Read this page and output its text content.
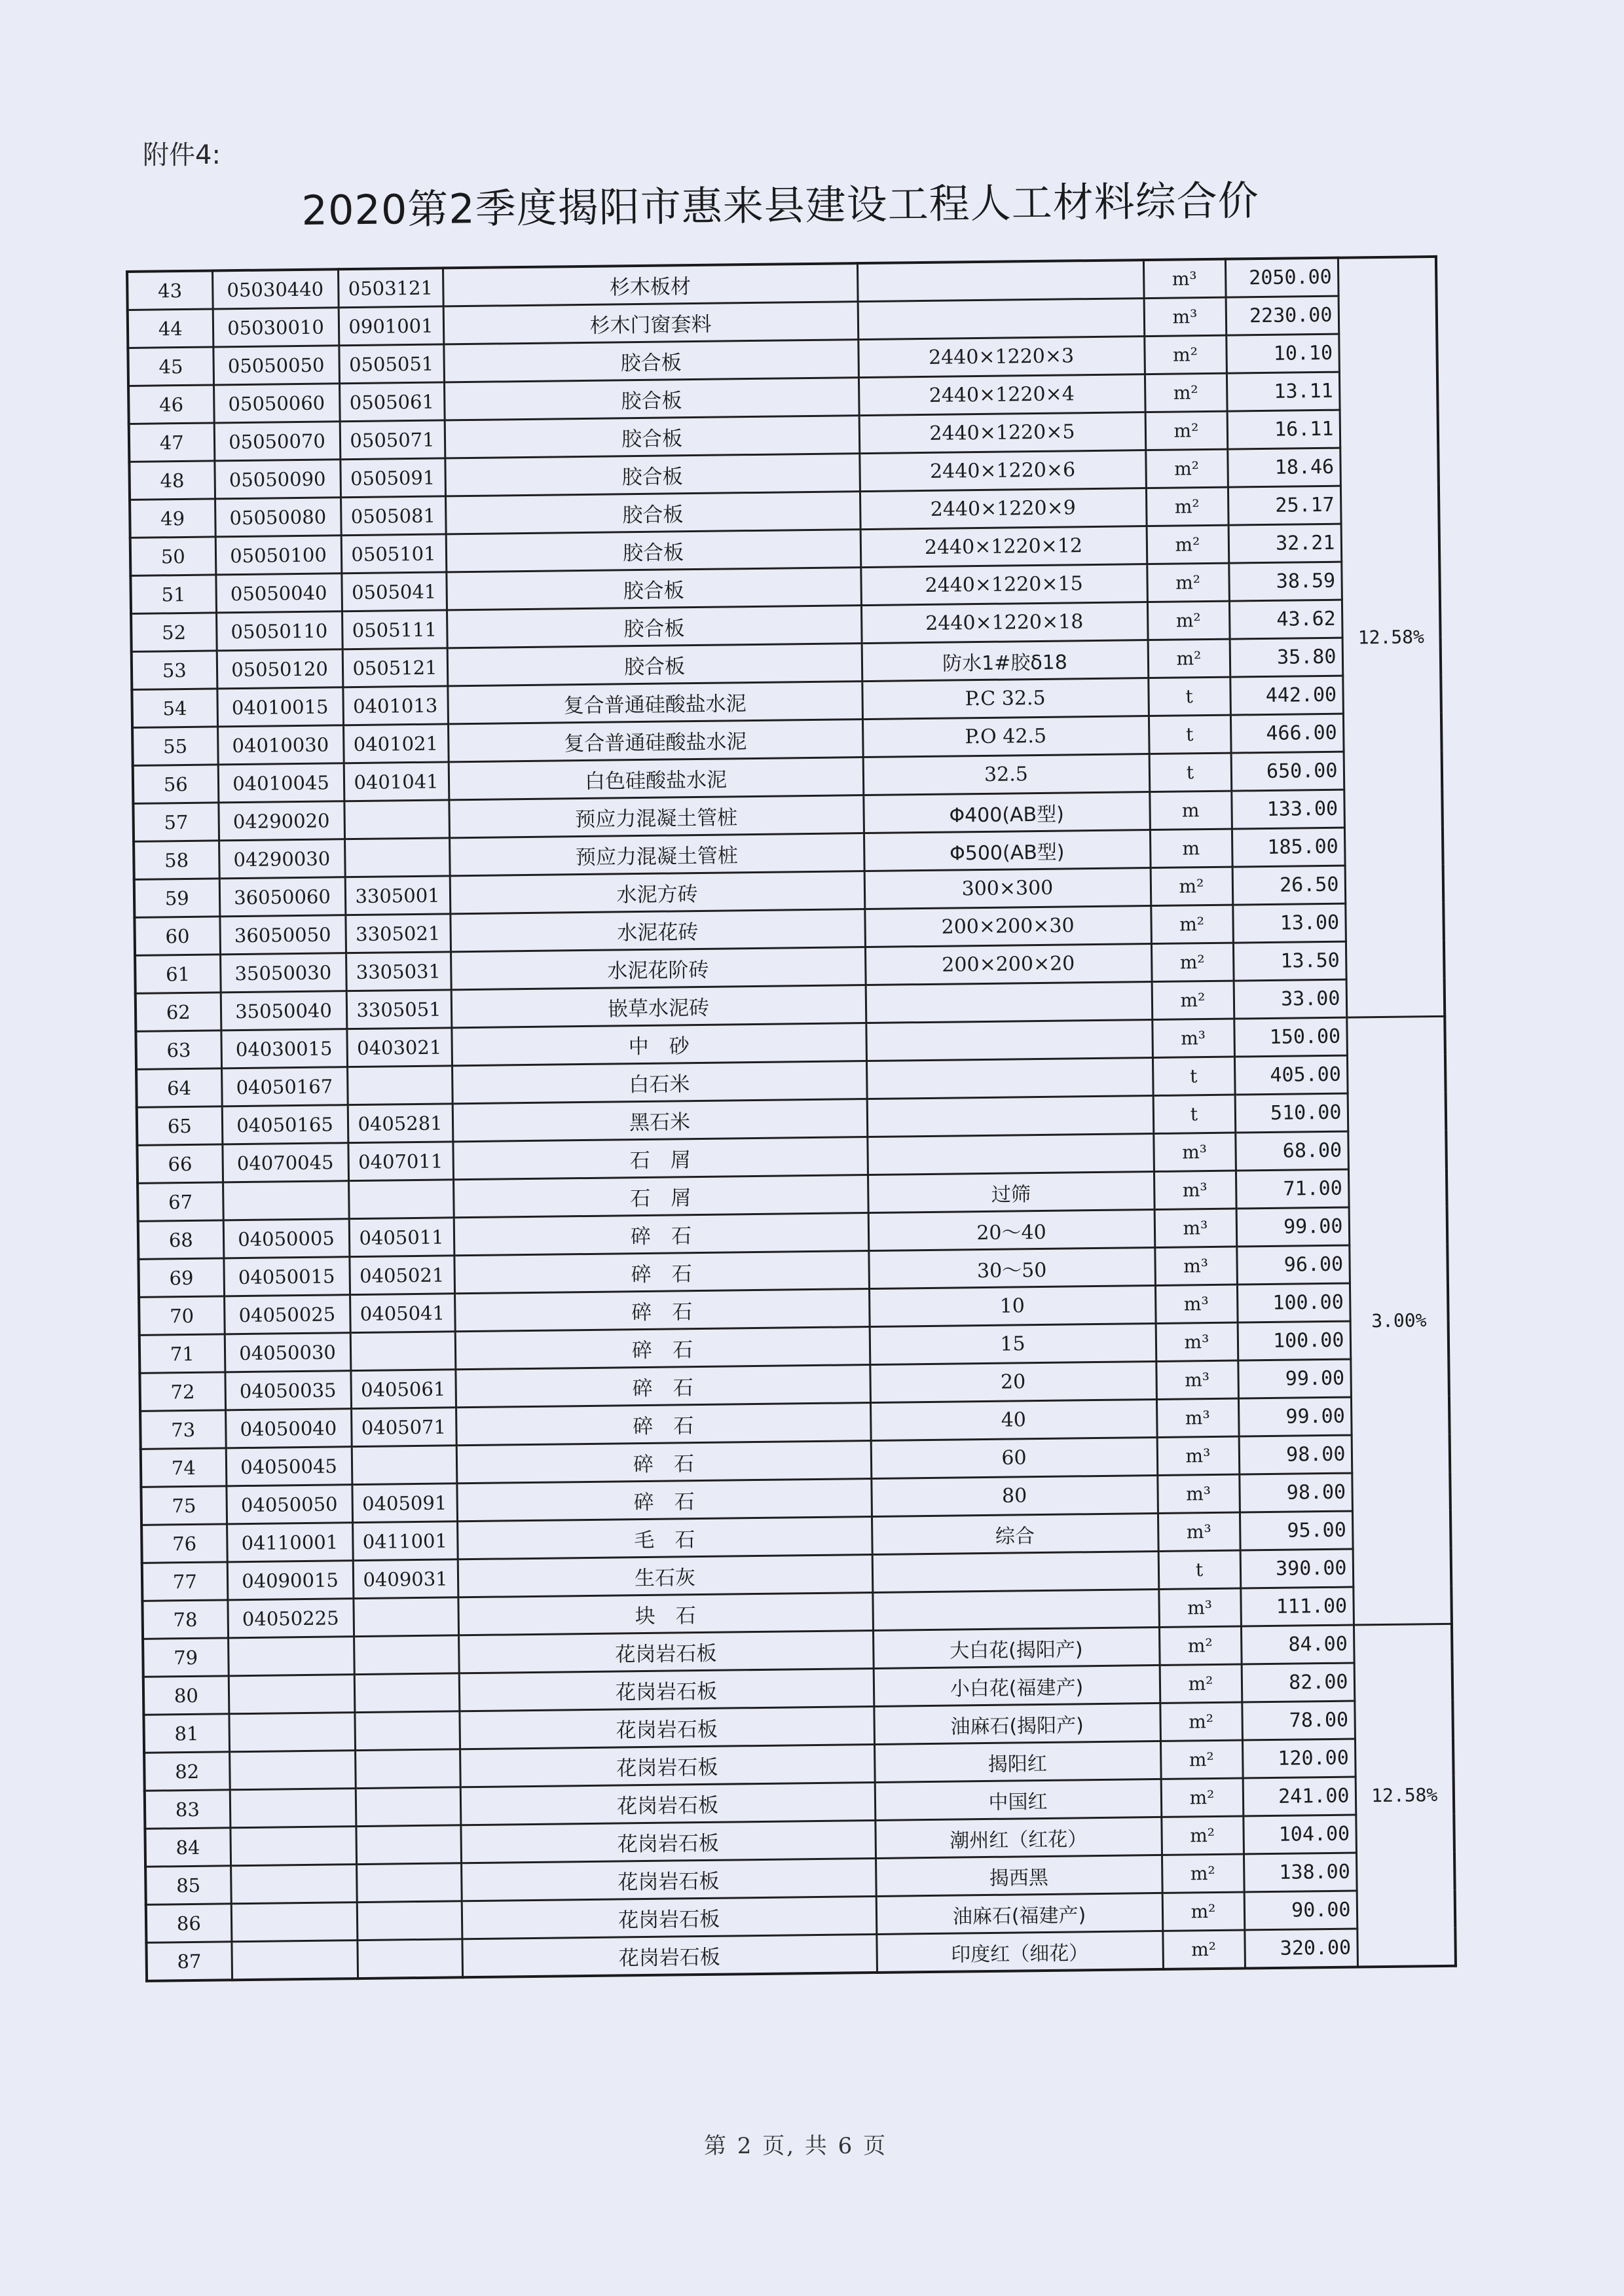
附件4:
2020第2季度揭阳市惠来县建设工程人工材料综合价
43	05030440	0503121	杉木板材		m³	2050.00	12.58%
44	05030010	0901001	杉木门窗套料		m³	2230.00	
45	05050050	0505051	胶合板	2440×1220×3	m²	10.10	
46	05050060	0505061	胶合板	2440×1220×4	m²	13.11	
47	05050070	0505071	胶合板	2440×1220×5	m²	16.11	
48	05050090	0505091	胶合板	2440×1220×6	m²	18.46	
49	05050080	0505081	胶合板	2440×1220×9	m²	25.17	
50	05050100	0505101	胶合板	2440×1220×12	m²	32.21	
51	05050040	0505041	胶合板	2440×1220×15	m²	38.59	
52	05050110	0505111	胶合板	2440×1220×18	m²	43.62	
53	05050120	0505121	胶合板	防水1#胶δ18	m²	35.80	
54	04010015	0401013	复合普通硅酸盐水泥	P.C 32.5	t	442.00	
55	04010030	0401021	复合普通硅酸盐水泥	P.O 42.5	t	466.00	
56	04010045	0401041	白色硅酸盐水泥	32.5	t	650.00	
57	04290020		预应力混凝土管桩	Φ400(AB型)	m	133.00	
58	04290030		预应力混凝土管桩	Φ500(AB型)	m	185.00	
59	36050060	3305001	水泥方砖	300×300	m²	26.50	
60	36050050	3305021	水泥花砖	200×200×30	m²	13.00	
61	35050030	3305031	水泥花阶砖	200×200×20	m²	13.50	
62	35050040	3305051	嵌草水泥砖		m²	33.00	
63	04030015	0403021	中　砂		m³	150.00	3.00%
64	04050167		白石米		t	405.00	
65	04050165	0405281	黑石米		t	510.00	
66	04070045	0407011	石　屑		m³	68.00	
67			石　屑	过筛	m³	71.00	
68	04050005	0405011	碎　石	20～40	m³	99.00	
69	04050015	0405021	碎　石	30～50	m³	96.00	
70	04050025	0405041	碎　石	10	m³	100.00	
71	04050030		碎　石	15	m³	100.00	
72	04050035	0405061	碎　石	20	m³	99.00	
73	04050040	0405071	碎　石	40	m³	99.00	
74	04050045		碎　石	60	m³	98.00	
75	04050050	0405091	碎　石	80	m³	98.00	
76	04110001	0411001	毛　石	综合	m³	95.00	
77	04090015	0409031	生石灰		t	390.00	
78	04050225		块　石		m³	111.00	
79			花岗岩石板	大白花(揭阳产)	m²	84.00	12.58%
80			花岗岩石板	小白花(福建产)	m²	82.00	
81			花岗岩石板	油麻石(揭阳产)	m²	78.00	
82			花岗岩石板	揭阳红	m²	120.00	
83			花岗岩石板	中国红	m²	241.00	
84			花岗岩石板	潮州红（红花）	m²	104.00	
85			花岗岩石板	揭西黑	m²	138.00	
86			花岗岩石板	油麻石(福建产)	m²	90.00	
87			花岗岩石板	印度红（细花）	m²	320.00	
第 2 页, 共 6 页
